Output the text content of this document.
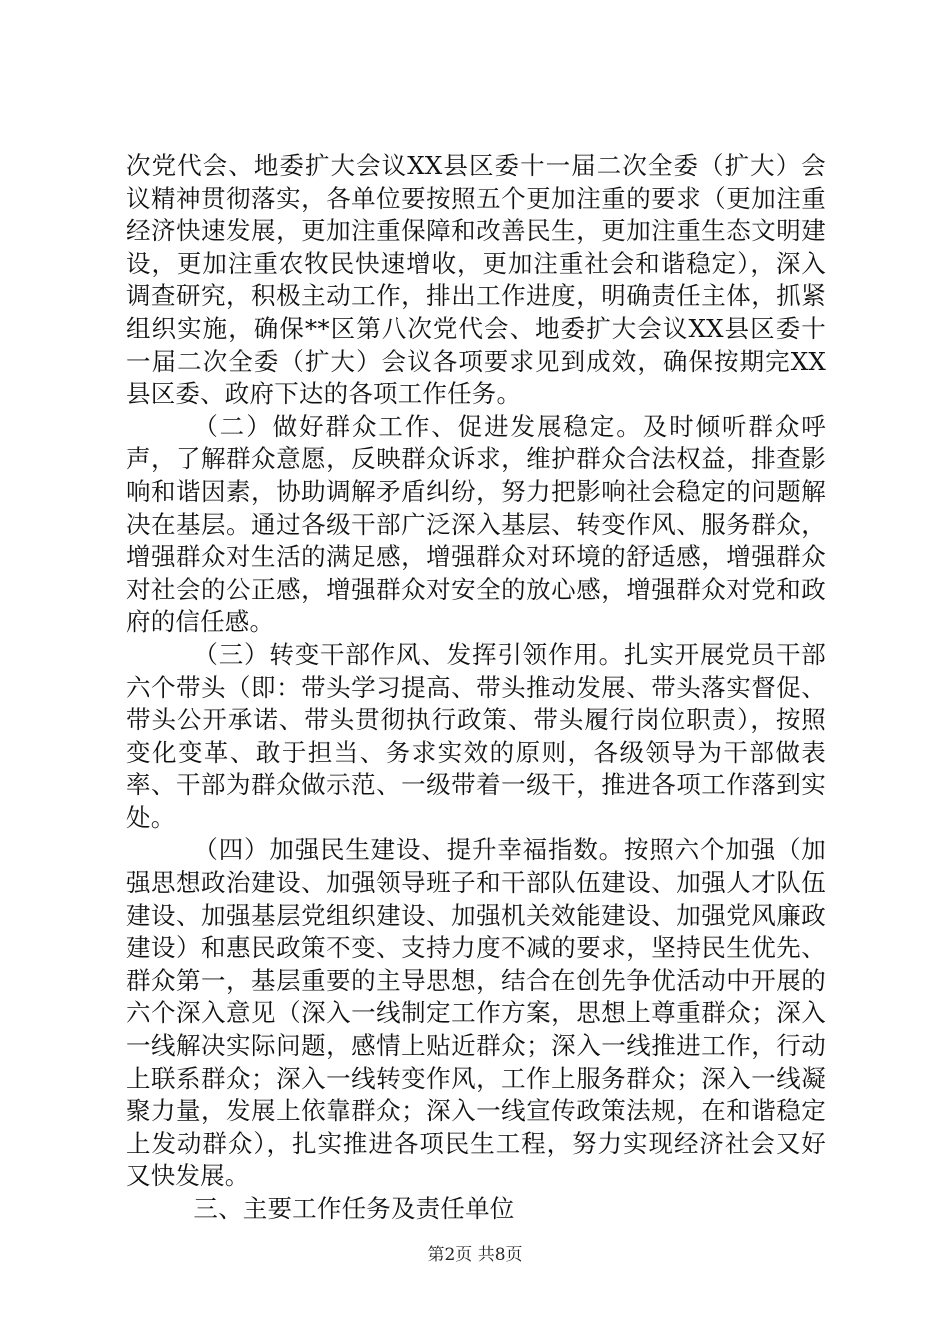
次党代会、地委扩大会议XX县区委十一届二次全委（扩大）会议精神贯彻落实，各单位要按照五个更加注重的要求（更加注重经济快速发展，更加注重保障和改善民生，更加注重生态文明建设，更加注重农牧民快速增收，更加注重社会和谐稳定），深入调查研究，积极主动工作，排出工作进度，明确责任主体，抓紧组织实施，确保**区第八次党代会、地委扩大会议XX县区委十一届二次全委（扩大）会议各项要求见到成效，确保按期完XX县区委、政府下达的各项工作任务。

（二）做好群众工作、促进发展稳定。及时倾听群众呼声，了解群众意愿，反映群众诉求，维护群众合法权益，排查影响和谐因素，协助调解矛盾纠纷，努力把影响社会稳定的问题解决在基层。通过各级干部广泛深入基层、转变作风、服务群众，增强群众对生活的满足感，增强群众对环境的舒适感，增强群众对社会的公正感，增强群众对安全的放心感，增强群众对党和政府的信任感。

（三）转变干部作风、发挥引领作用。扎实开展党员干部六个带头（即：带头学习提高、带头推动发展、带头落实督促、带头公开承诺、带头贯彻执行政策、带头履行岗位职责），按照变化变革、敢于担当、务求实效的原则，各级领导为干部做表率、干部为群众做示范、一级带着一级干，推进各项工作落到实处。

（四）加强民生建设、提升幸福指数。按照六个加强（加强思想政治建设、加强领导班子和干部队伍建设、加强人才队伍建设、加强基层党组织建设、加强机关效能建设、加强党风廉政建设）和惠民政策不变、支持力度不减的要求，坚持民生优先、群众第一，基层重要的主导思想，结合在创先争优活动中开展的六个深入意见（深入一线制定工作方案，思想上尊重群众；深入一线解决实际问题，感情上贴近群众；深入一线推进工作，行动上联系群众；深入一线转变作风，工作上服务群众；深入一线凝聚力量，发展上依靠群众；深入一线宣传政策法规，在和谐稳定上发动群众），扎实推进各项民生工程，努力实现经济社会又好又快发展。

三、主要工作任务及责任单位

第2页 共8页
